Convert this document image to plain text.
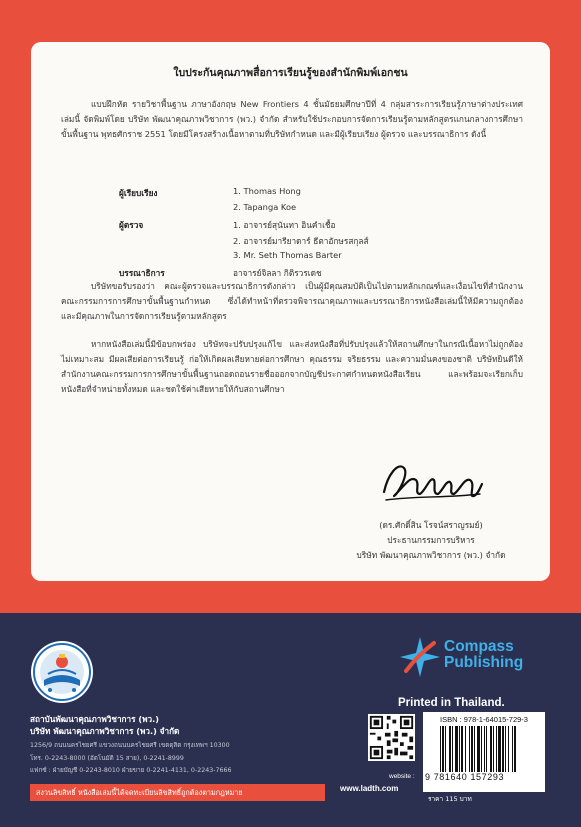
ใบประกันคุณภาพสื่อการเรียนรู้ของสำนักพิมพ์เอกชน

แบบฝึกหัด รายวิชาพื้นฐาน ภาษาอังกฤษ New Frontiers 4 ชั้นมัธยมศึกษาปีที่ 4 กลุ่มสาระการเรียนรู้ภาษาต่างประเทศ เล่มนี้ จัดพิมพ์โดย บริษัท พัฒนาคุณภาพวิชาการ (พว.) จำกัด สำหรับใช้ประกอบการจัดการเรียนรู้ตามหลักสูตรแกนกลางการศึกษาขั้นพื้นฐาน พุทธศักราช 2551 โดยมีโครงสร้างเนื้อหาตามที่บริษัทกำหนด และมีผู้เรียบเรียง ผู้ตรวจ และบรรณาธิการ ดังนี้

ผู้เรียบเรียง	1. Thomas Hong
2. Tapanga Koe
ผู้ตรวจ	1. อาจารย์สุนันทา อินคำเชื้อ
2. อาจารย์มารียาดาร์ ธีตาอักษรสกุลส์
3. Mr. Seth Thomas Barter
บรรณาธิการ	อาจารย์จิลลา กิติรวรเดช

บริษัทขอรับรองว่า คณะผู้ตรวจและบรรณาธิการดังกล่าว เป็นผู้มีคุณสมบัติเป็นไปตามหลักเกณฑ์และเงื่อนไขที่สำนักงานคณะกรรมการการศึกษาขั้นพื้นฐานกำหนด ซึ่งได้ทำหน้าที่ตรวจพิจารณาคุณภาพและบรรณาธิการหนังสือเล่มนี้ให้มีความถูกต้องและมีคุณภาพในการจัดการเรียนรู้ตามหลักสูตร

หากหนังสือเล่มนี้มีข้อบกพร่อง บริษัทจะปรับปรุงแก้ไข และส่งหนังสือที่ปรับปรุงแล้วให้สถานศึกษาในกรณีเนื้อหาไม่ถูกต้อง ไม่เหมาะสม มีผลเสียต่อการเรียนรู้ ก่อให้เกิดผลเสียหายต่อการศึกษา คุณธรรม จริยธรรม และความมั่นคงของชาติ บริษัทยินดีให้สำนักงานคณะกรรมการการศึกษาขั้นพื้นฐานถอดถอนรายชื่อออกจากบัญชีประกาศกำหนดหนังสือเรียน และพร้อมจะเรียกเก็บหนังสือที่จำหน่ายทั้งหมด และชดใช้ค่าเสียหายให้กับสถานศึกษา

(ดร.ศักดิ์สิน โรจน์สราญรมย์)
ประธานกรรมการบริหาร
บริษัท พัฒนาคุณภาพวิชาการ (พว.) จำกัด
Compass
Publishing
สถาบันพัฒนาคุณภาพวิชาการ (พว.)
บริษัท พัฒนาคุณภาพวิชาการ (พว.) จำกัด
1256/9 ถนนนครไชยศรี แขวงถนนนครไชยศรี เขตดุสิต กรุงเทพฯ 10300
โทร. 0-2243-8000 (อัตโนมัติ 15 สาย), 0-2241-8999
แฟกซ์ : ฝ่ายบัญชี 0-2243-8010 ฝ่ายขาย 0-2241-4131, 0-2243-7666
Printed in Thailand.
website :
www.ladth.com
ISBN : 978-1-64015-729-3
9 781640 157293
ราคา 115 บาท
สงวนลิขสิทธิ์ หนังสือเล่มนี้ได้จดทะเบียนลิขสิทธิ์ถูกต้องตามกฎหมาย
